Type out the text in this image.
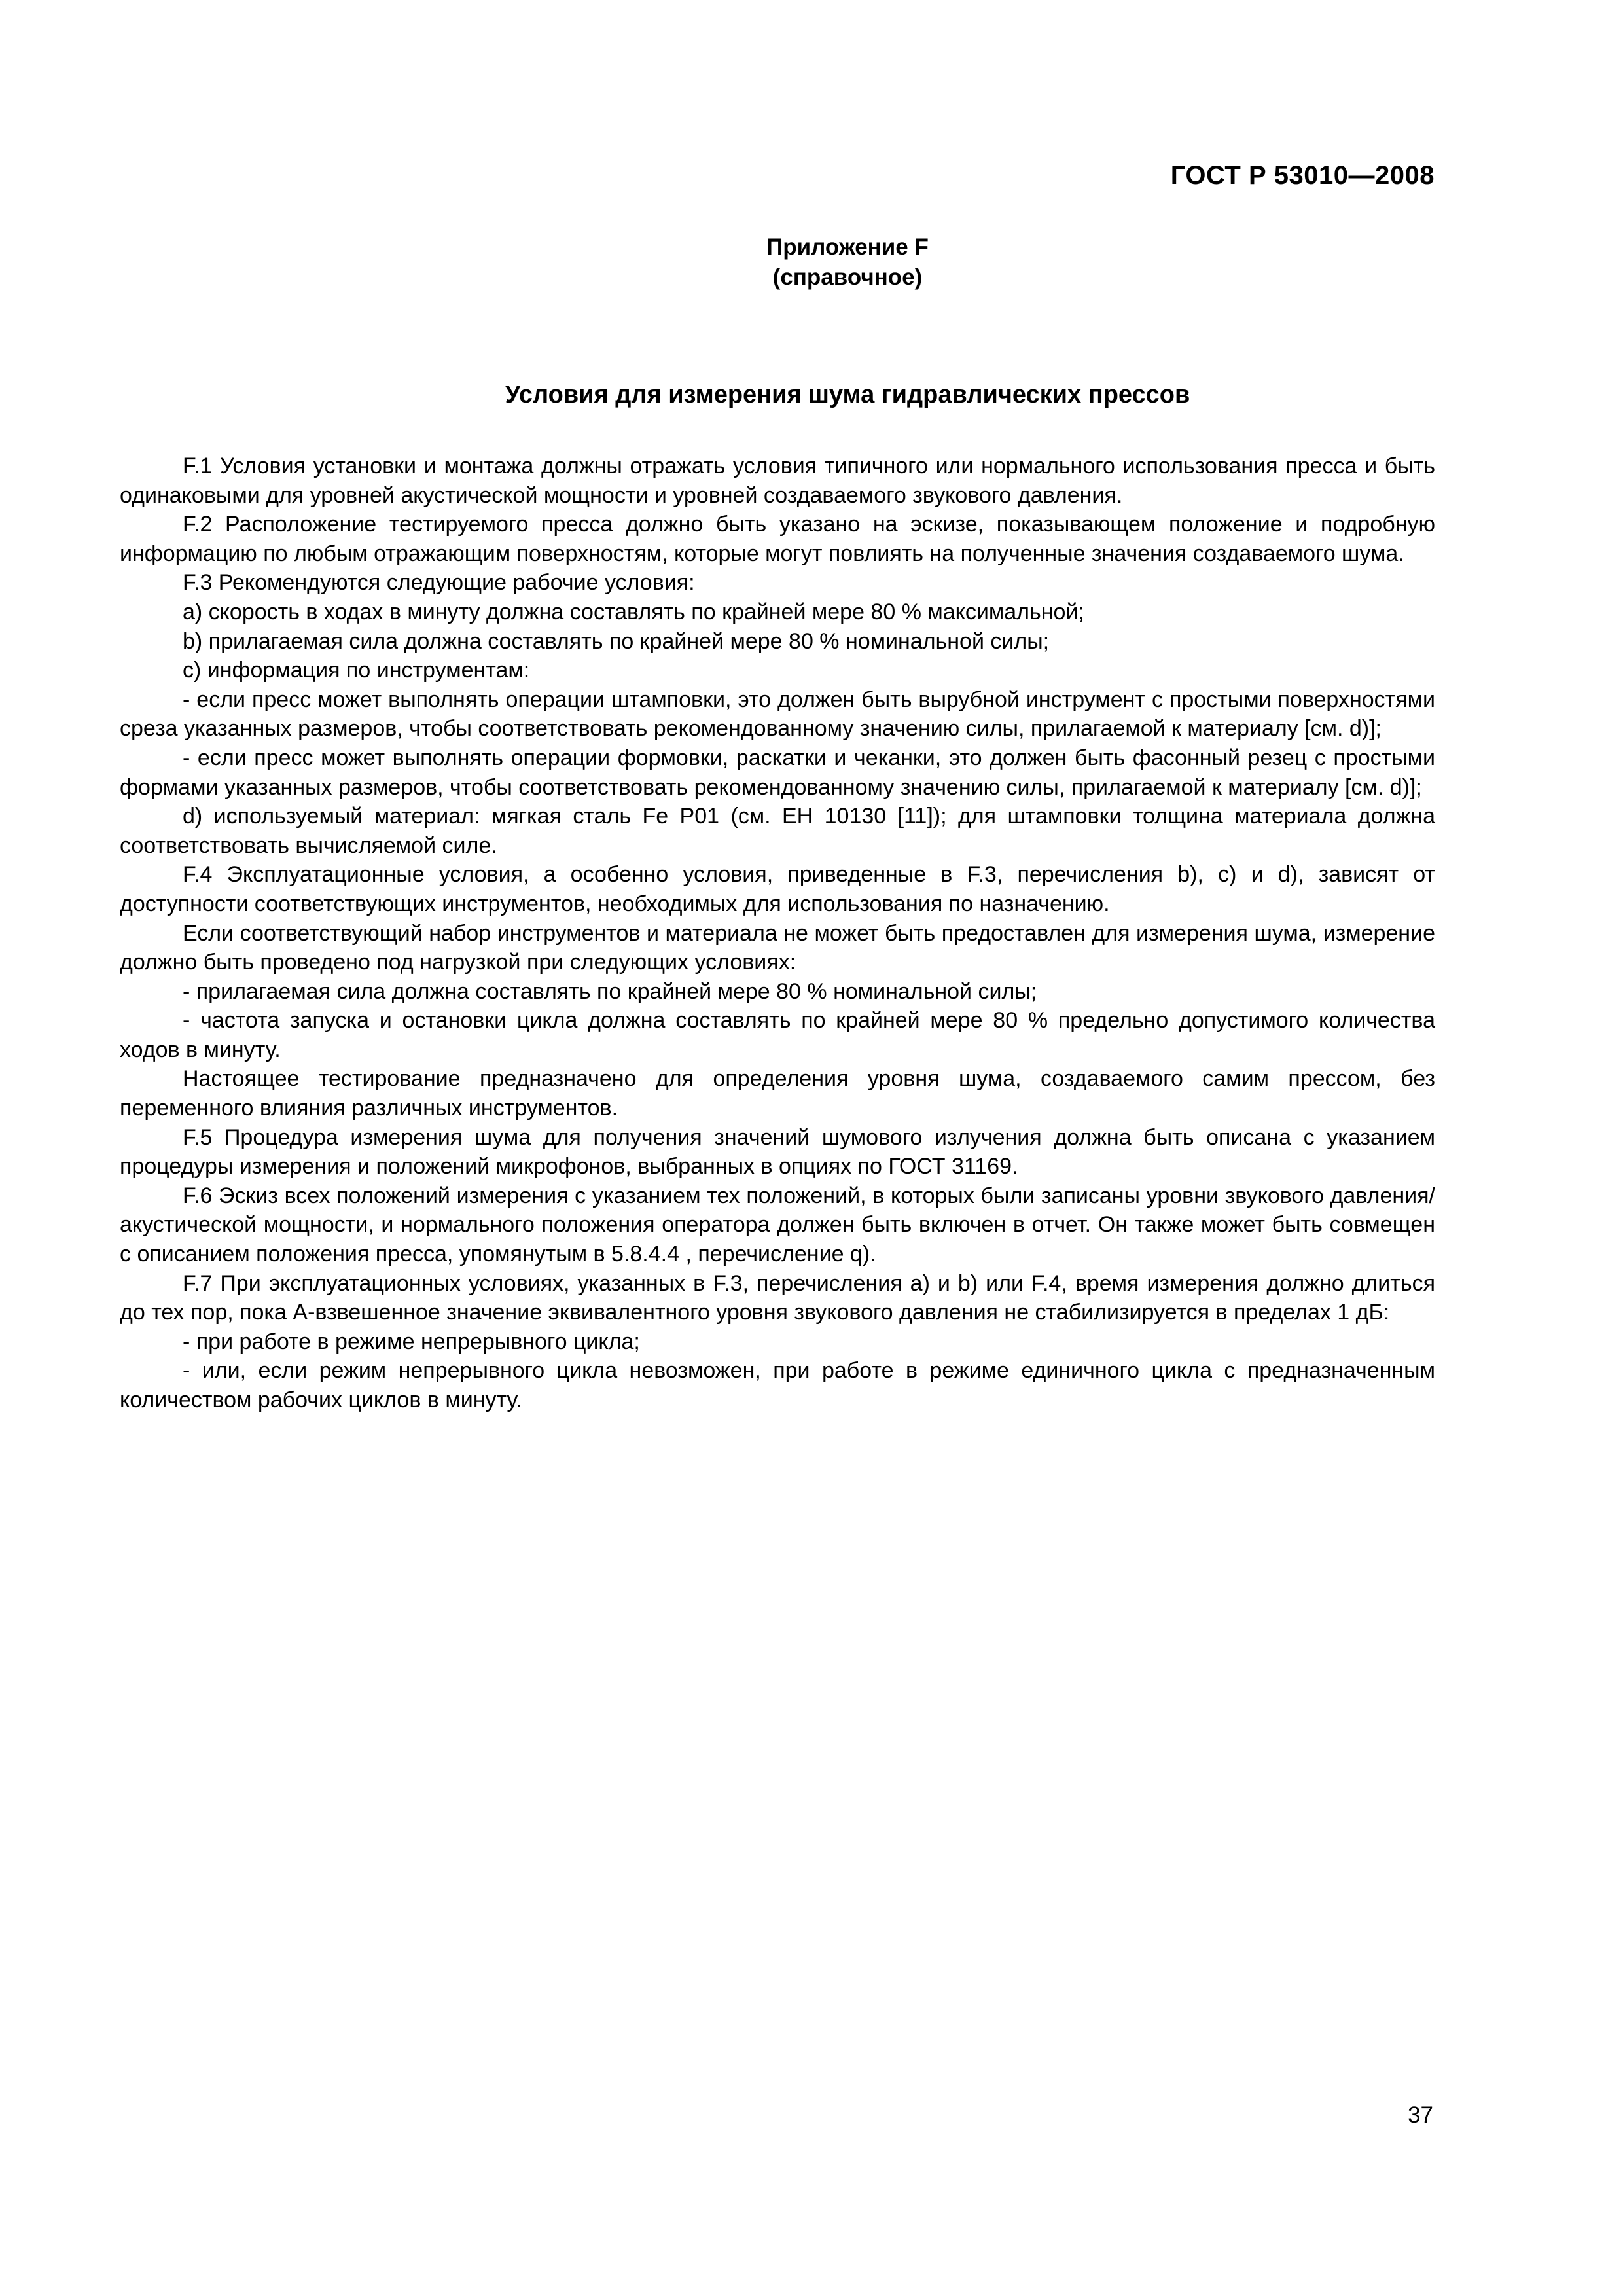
ГОСТ Р 53010—2008
Приложение F
(справочное)
Условия для измерения шума гидравлических прессов

F.1 Условия установки и монтажа должны отражать условия типичного или нормального использования пресса и быть одинаковыми для уровней акустической мощности и уровней создаваемого звукового давления.

F.2 Расположение тестируемого пресса должно быть указано на эскизе, показывающем положение и подробную информацию по любым отражающим поверхностям, которые могут повлиять на полученные значения создаваемого шума.

F.3 Рекомендуются следующие рабочие условия:

a) скорость в ходах в минуту должна составлять по крайней мере 80 % максимальной;

b) прилагаемая сила должна составлять по крайней мере 80 % номинальной силы;

c) информация по инструментам:

- если пресс может выполнять операции штамповки, это должен быть вырубной инструмент с простыми поверхностями среза указанных размеров, чтобы соответствовать рекомендованному значению силы, прилагаемой к материалу [см. d)];

- если пресс может выполнять операции формовки, раскатки и чеканки, это должен быть фасонный резец с простыми формами указанных размеров, чтобы соответствовать рекомендованному значению силы, прилагаемой к материалу [см. d)];

d) используемый материал: мягкая сталь Fe P01 (см. ЕН 10130 [11]); для штамповки толщина материала должна соответствовать вычисляемой силе.

F.4 Эксплуатационные условия, а особенно условия, приведенные в F.3, перечисления b), c) и d), зависят от доступности соответствующих инструментов, необходимых для использования по назначению.

Если соответствующий набор инструментов и материала не может быть предоставлен для измерения шума, измерение должно быть проведено под нагрузкой при следующих условиях:

- прилагаемая сила должна составлять по крайней мере 80 % номинальной силы;

- частота запуска и остановки цикла должна составлять по крайней мере 80 % предельно допустимого количества ходов в минуту.

Настоящее тестирование предназначено для определения уровня шума, создаваемого самим прессом, без переменного влияния различных инструментов.

F.5 Процедура измерения шума для получения значений шумового излучения должна быть описана с указанием процедуры измерения и положений микрофонов, выбранных в опциях по ГОСТ 31169.

F.6 Эскиз всех положений измерения с указанием тех положений, в которых были записаны уровни звукового давления/акустической мощности, и нормального положения оператора должен быть включен в отчет. Он также может быть совмещен с описанием положения пресса, упомянутым в 5.8.4.4 , перечисление q).

F.7 При эксплуатационных условиях, указанных в F.3, перечисления a) и b) или F.4, время измерения должно длиться до тех пор, пока А-взвешенное значение эквивалентного уровня звукового давления не стабилизируется в пределах 1 дБ:

- при работе в режиме непрерывного цикла;

- или, если режим непрерывного цикла невозможен, при работе в режиме единичного цикла с предназначенным количеством рабочих циклов в минуту.

37
